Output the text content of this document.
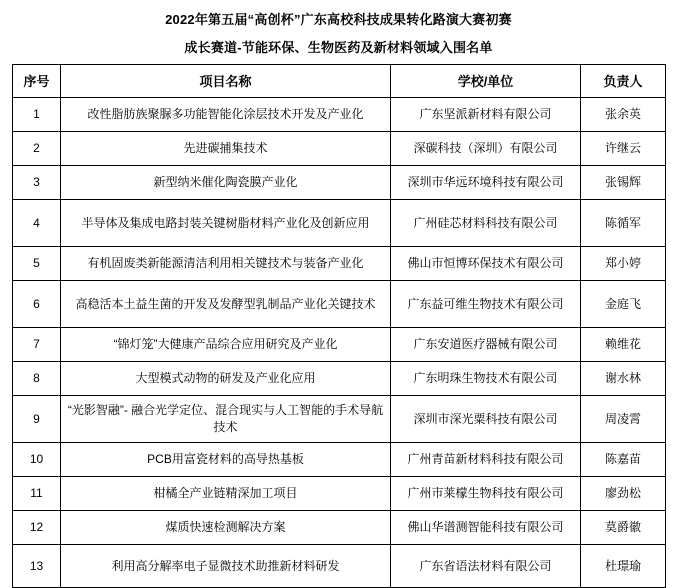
2022年第五届“高创杯”广东高校科技成果转化路演大赛初赛
成长赛道-节能环保、生物医药及新材料领域入围名单
序号	项目名称	学校/单位	负责人
1	改性脂肪族聚脲多功能智能化涂层技术开发及产业化	广东坚派新材料有限公司	张余英
2	先进碳捕集技术	深碳科技（深圳）有限公司	许继云
3	新型纳米催化陶瓷膜产业化	深圳市华远环境科技有限公司	张锡辉
4	半导体及集成电路封装关键树脂材料产业化及创新应用	广州硅芯材料科技有限公司	陈循军
5	有机固废类新能源清洁利用相关键技术与装备产业化	佛山市恒博环保技术有限公司	郑小婷
6	高稳活本土益生菌的开发及发酵型乳制品产业化关键技术	广东益可维生物技术有限公司	金庭飞
7	“锦灯笼”大健康产品综合应用研究及产业化	广东安道医疗器械有限公司	赖维花
8	大型模式动物的研发及产业化应用	广东明珠生物技术有限公司	谢水林
9	“光影智融”- 融合光学定位、混合现实与人工智能的手术导航技术	深圳市深光粟科技有限公司	周凌霄
10	PCB用富瓷材料的高导热基板	广州青苗新材料科技有限公司	陈嘉苗
11	柑橘全产业链精深加工项目	广州市莱檬生物科技有限公司	廖劲松
12	煤质快速检测解决方案	佛山华谱测智能科技有限公司	莫爵徽
13	利用高分解率电子显微技术助推新材料研发	广东省语法材料有限公司	杜璟瑜
